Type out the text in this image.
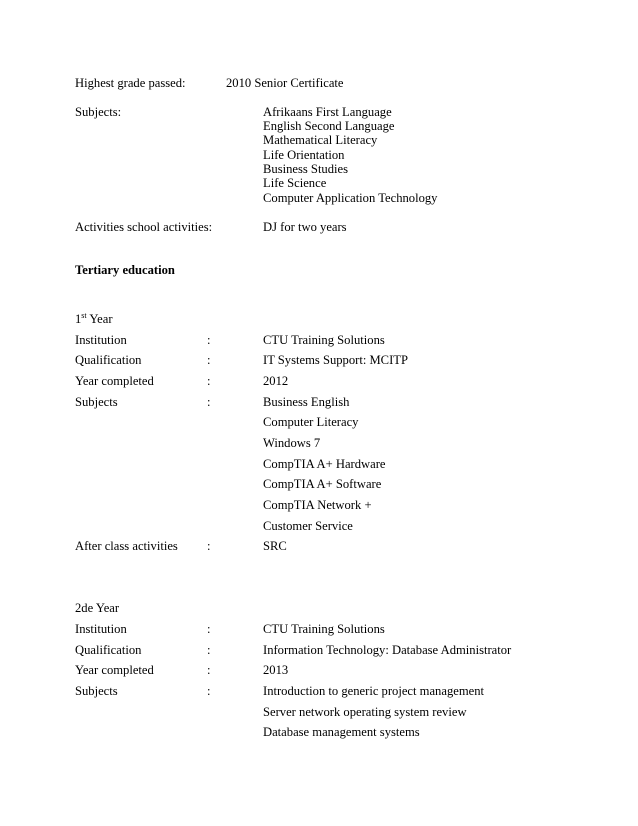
Highest grade passed:	2010 Senior Certificate
Subjects:	Afrikaans First Language
English Second Language
Mathematical Literacy
Life Orientation
Business Studies
Life Science
Computer Application Technology
Activities school activities:	DJ for two years
Tertiary education
1st Year
Institution	:	CTU Training Solutions
Qualification	:	IT Systems Support: MCITP
Year completed	:	2012
Subjects	:	Business English
Computer Literacy
Windows 7
CompTIA A+ Hardware
CompTIA A+ Software
CompTIA Network +
Customer Service
After class activities :	SRC
2de Year
Institution	:	CTU Training Solutions
Qualification	:	Information Technology: Database Administrator
Year completed	:	2013
Subjects	:	Introduction to generic project management
Server network operating system review
Database management systems
